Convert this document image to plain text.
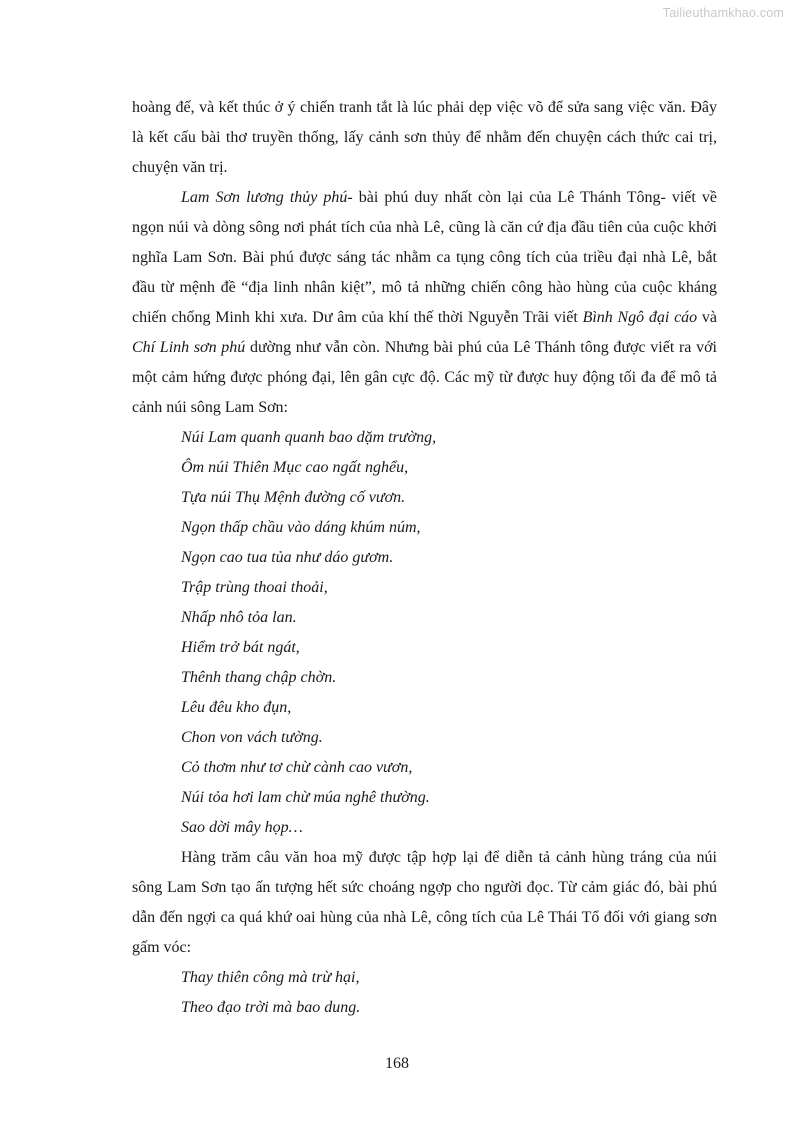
Tailieuthamkhao.com

hoàng đế, và kết thúc ở ý chiến tranh tắt là lúc phải dẹp việc võ để sửa sang việc văn. Đây là kết cấu bài thơ truyền thống, lấy cảnh sơn thủy để nhằm đến chuyện cách thức cai trị, chuyện văn trị.

Lam Sơn lương thủy phú- bài phú duy nhất còn lại của Lê Thánh Tông- viết về ngọn núi và dòng sông nơi phát tích của nhà Lê, cũng là căn cứ địa đầu tiên của cuộc khởi nghĩa Lam Sơn. Bài phú được sáng tác nhằm ca tụng công tích của triều đại nhà Lê, bắt đầu từ mệnh đề “địa linh nhân kiệt”, mô tả những chiến công hào hùng của cuộc kháng chiến chống Minh khi xưa. Dư âm của khí thế thời Nguyễn Trãi viết Bình Ngô đại cáo và Chí Linh sơn phú dường như vẫn còn. Nhưng bài phú của Lê Thánh tông được viết ra với một cảm hứng được phóng đại, lên gân cực độ. Các mỹ từ được huy động tối đa để mô tả cảnh núi sông Lam Sơn:

Núi Lam quanh quanh bao dặm trường,
Ôm núi Thiên Mục cao ngất nghểu,
Tựa núi Thụ Mệnh đường cố vươn.
Ngọn thấp chầu vào dáng khúm núm,
Ngọn cao tua tủa như dáo gươm.
Trập trùng thoai thoải,
Nhấp nhô tỏa lan.
Hiểm trở bát ngát,
Thênh thang chập chờn.
Lêu đêu kho đụn,
Chon von vách tường.
Cỏ thơm như tơ chừ cành cao vươn,
Núi tỏa hơi lam chừ múa nghê thường.
Sao dời mây họp…

Hàng trăm câu văn hoa mỹ được tập hợp lại để diễn tả cảnh hùng tráng của núi sông Lam Sơn tạo ấn tượng hết sức choáng ngợp cho người đọc. Từ cảm giác đó, bài phú dẫn đến ngợi ca quá khứ oai hùng của nhà Lê, công tích của Lê Thái Tổ đối với giang sơn gấm vóc:

Thay thiên công mà trừ hại,
Theo đạo trời mà bao dung.
168
